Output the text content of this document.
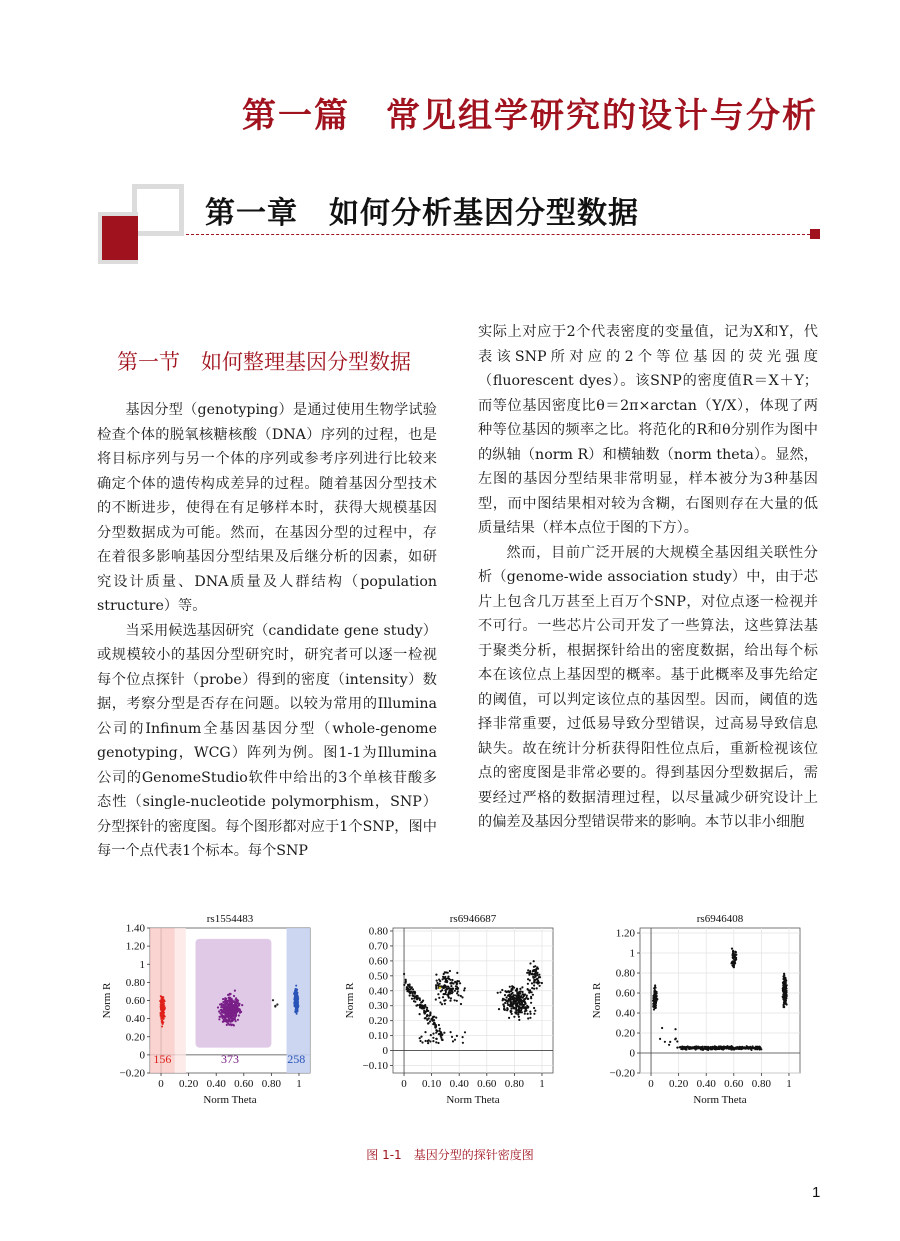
第一篇　常见组学研究的设计与分析
第一章　如何分析基因分型数据
第一节　如何整理基因分型数据

基因分型（genotyping）是通过使用生物学试验检查个体的脱氧核糖核酸（DNA）序列的过程，也是将目标序列与另一个体的序列或参考序列进行比较来确定个体的遗传构成差异的过程。随着基因分型技术的不断进步，使得在有足够样本时，获得大规模基因分型数据成为可能。然而，在基因分型的过程中，存在着很多影响基因分型结果及后继分析的因素，如研究设计质量、DNA质量及人群结构（population structure）等。

当采用候选基因研究（candidate gene study）或规模较小的基因分型研究时，研究者可以逐一检视每个位点探针（probe）得到的密度（intensity）数据，考察分型是否存在问题。以较为常用的Illumina公司的Infinum全基因基因分型（whole-genome genotyping，WCG）阵列为例。图1-1为Illumina公司的GenomeStudio软件中给出的3个单核苷酸多态性（single-nucleotide polymorphism，SNP）分型探针的密度图。每个图形都对应于1个SNP，图中每一个点代表1个标本。每个SNP

实际上对应于2个代表密度的变量值，记为X和Y，代表该SNP所对应的2个等位基因的荧光强度（fluorescent dyes）。该SNP的密度值R＝X＋Y；而等位基因密度比θ＝2π×arctan（Y/X），体现了两种等位基因的频率之比。将范化的R和θ分别作为图中的纵轴（norm R）和横轴数（norm theta）。显然，左图的基因分型结果非常明显，样本被分为3种基因型，而中图结果相对较为含糊，右图则存在大量的低质量结果（样本点位于图的下方）。

然而，目前广泛开展的大规模全基因组关联性分析（genome-wide association study）中，由于芯片上包含几万甚至上百万个SNP，对位点逐一检视并不可行。一些芯片公司开发了一些算法，这些算法基于聚类分析，根据探针给出的密度数据，给出每个标本在该位点上基因型的概率。基于此概率及事先给定的阈值，可以判定该位点的基因型。因而，阈值的选择非常重要，过低易导致分型错误，过高易导致信息缺失。故在统计分析获得阳性位点后，重新检视该位点的密度图是非常必要的。得到基因分型数据后，需要经过严格的数据清理过程，以尽量减少研究设计上的偏差及基因分型错误带来的影响。本节以非小细胞

rs1554483
−0.20
0
0.20
0.40
0.60
0.80
1
1.20
1.40
0 0.20 0.40 0.60 0.80 1
Norm Theta
Norm R
156	373	258
rs6946687
−0.10
0
0.10
0.20
0.30
0.40
0.50
0.60
0.70
0.80
0 0.10 0.40 0.60 0.80 1
Norm Theta
Norm R
rs6946408
−0.20
0
0.20
0.40
0.60
0.80
1
1.20
0 0.20 0.40 0.60 0.80 1
Norm Theta
Norm R
图 1-1　基因分型的探针密度图
1
